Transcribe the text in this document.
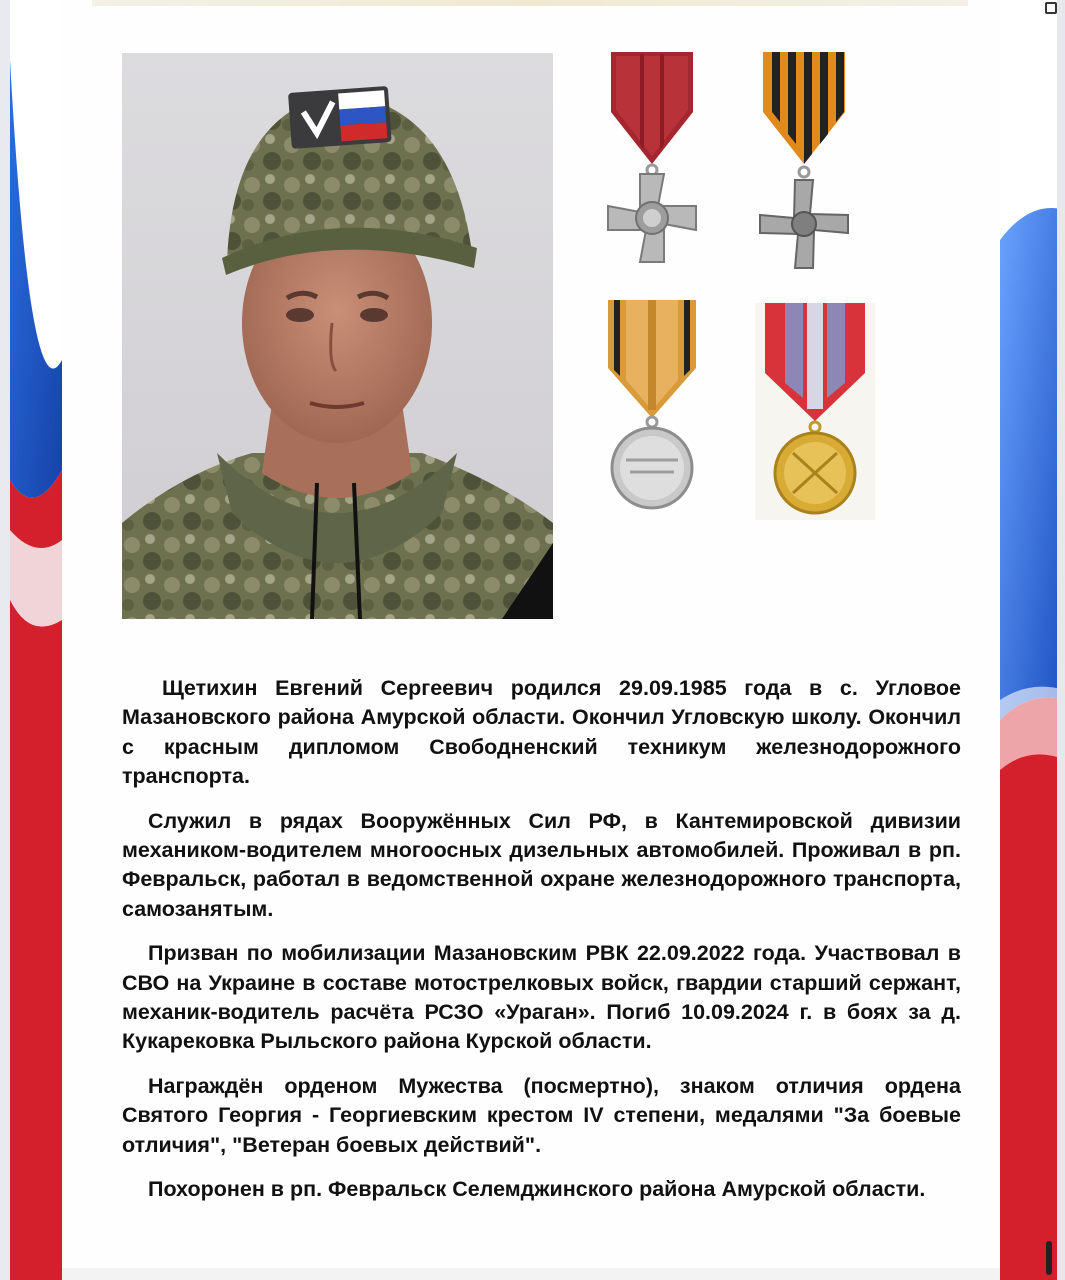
Щетихин Евгений Сергеевич родился 29.09.1985 года в с. Угловое Мазановского района Амурской области. Окончил Угловскую школу. Окончил с красным дипломом Свободненский техникум железнодорожного транспорта.

Служил в рядах Вооружённых Сил РФ, в Кантемировской дивизии механиком-водителем многоосных дизельных автомобилей. Проживал в рп. Февральск, работал в ведомственной охране железнодорожного транспорта, самозанятым.

Призван по мобилизации Мазановским РВК 22.09.2022 года. Участвовал в СВО на Украине в составе мотострелковых войск, гвардии старший сержант, механик-водитель расчёта РСЗО «Ураган». Погиб 10.09.2024 г. в боях за д. Кукарековка Рыльского района Курской области.

Награждён орденом Мужества (посмертно), знаком отличия ордена Святого Георгия - Георгиевским крестом IV степени, медалями "За боевые отличия", "Ветеран боевых действий".

Похоронен в рп. Февральск Селемджинского района Амурской области.
